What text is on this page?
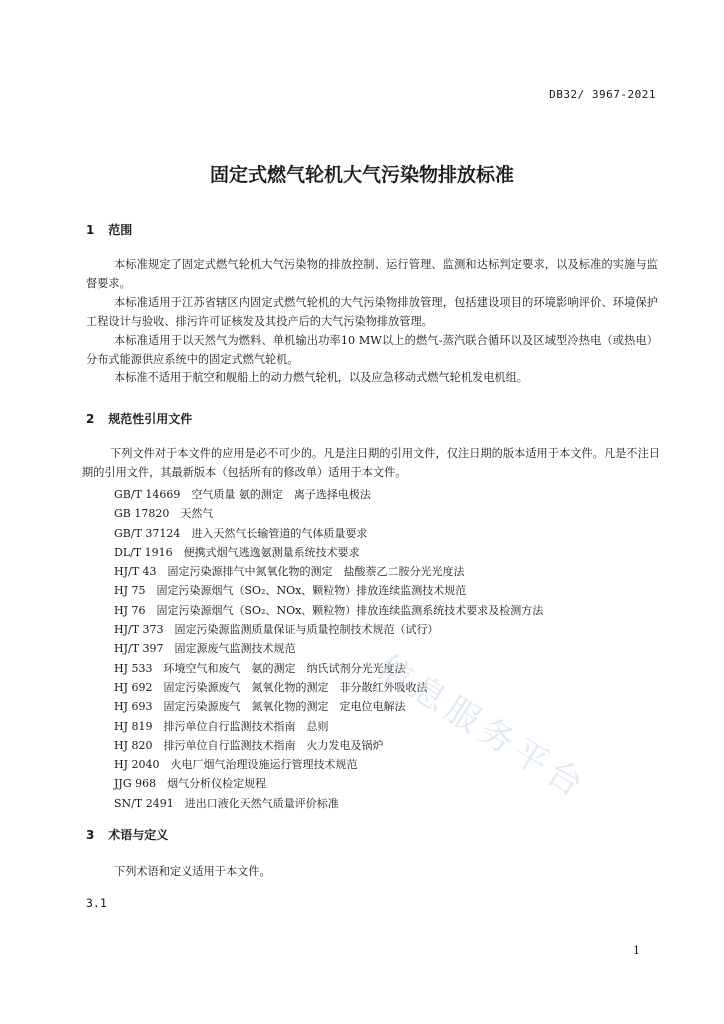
DB32/ 3967-2021
固定式燃气轮机大气污染物排放标准
1 范围
本标准规定了固定式燃气轮机大气污染物的排放控制、运行管理、监测和达标判定要求，以及标准的实施与监督要求。
本标准适用于江苏省辖区内固定式燃气轮机的大气污染物排放管理，包括建设项目的环境影响评价、环境保护工程设计与验收、排污许可证核发及其投产后的大气污染物排放管理。
本标准适用于以天然气为燃料、单机输出功率10 MW以上的燃气-蒸汽联合循环以及区域型冷热电（或热电）分布式能源供应系统中的固定式燃气轮机。
本标准不适用于航空和舰船上的动力燃气轮机，以及应急移动式燃气轮机发电机组。
2 规范性引用文件
下列文件对于本文件的应用是必不可少的。凡是注日期的引用文件，仅注日期的版本适用于本文件。凡是不注日期的引用文件，其最新版本（包括所有的修改单）适用于本文件。
GB/T 14669　 空气质量 氨的测定　离子选择电极法
GB 17820　 天然气
GB/T 37124　 进入天然气长输管道的气体质量要求
DL/T 1916　 便携式烟气逃逸氨测量系统技术要求
HJ/T 43　 固定污染源排气中氮氧化物的测定　盐酸萘乙二胺分光光度法
HJ 75　 固定污染源烟气（SO₂、NOx、颗粒物）排放连续监测技术规范
HJ 76　 固定污染源烟气（SO₂、NOx、颗粒物）排放连续监测系统技术要求及检测方法
HJ/T 373　 固定污染源监测质量保证与质量控制技术规范（试行）
HJ/T 397　 固定源废气监测技术规范
HJ 533　 环境空气和废气　氨的测定　纳氏试剂分光光度法
HJ 692　 固定污染源废气　氮氧化物的测定　非分散红外吸收法
HJ 693　 固定污染源废气　氮氧化物的测定　定电位电解法
HJ 819　 排污单位自行监测技术指南　总则
HJ 820　 排污单位自行监测技术指南　火力发电及锅炉
HJ 2040　 火电厂烟气治理设施运行管理技术规范
JJG 968　 烟气分析仪检定规程
SN/T 2491　 进出口液化天然气质量评价标准
3 术语与定义
下列术语和定义适用于本文件。
3.1
信息服务平台
1
